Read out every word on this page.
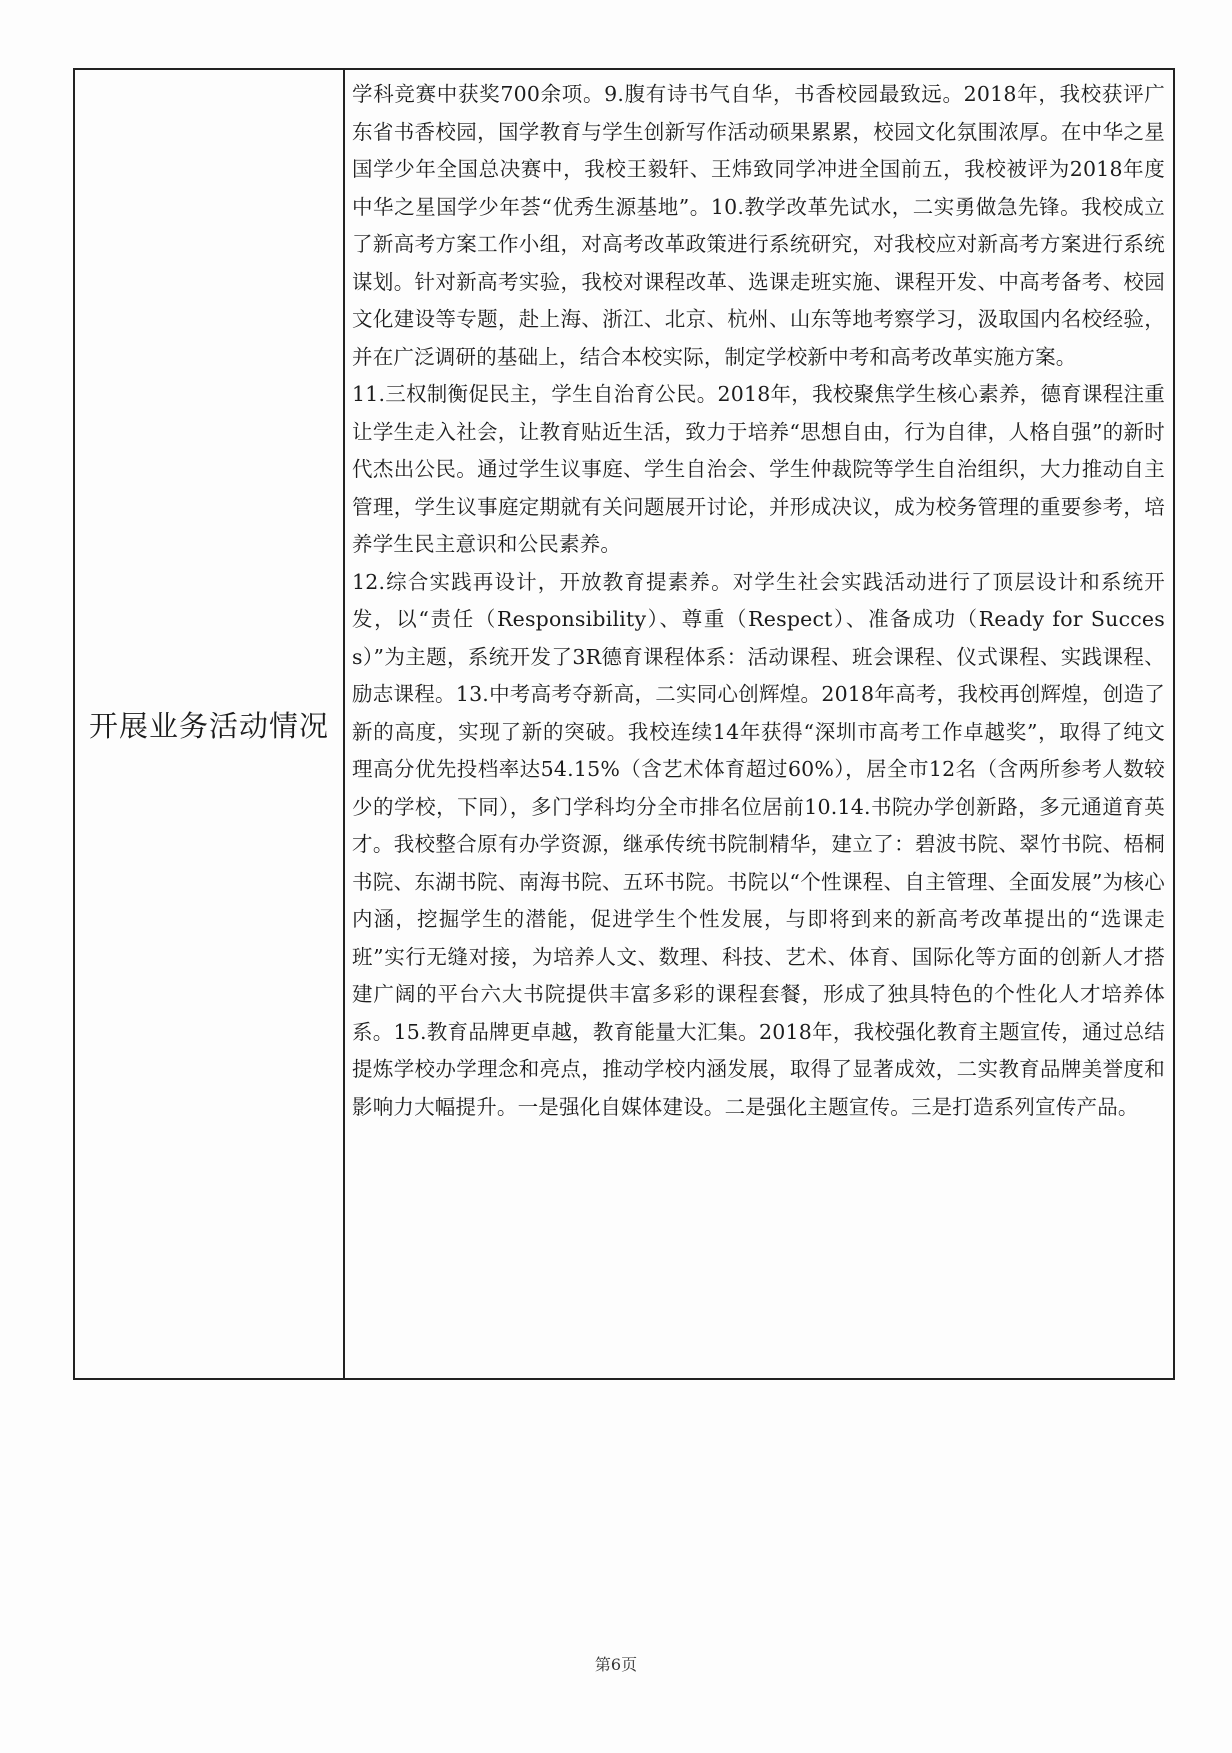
开展业务活动情况

学科竞赛中获奖700余项。9.腹有诗书气自华，书香校园最致远。2018年，我校获评广东省书香校园，国学教育与学生创新写作活动硕果累累，校园文化氛围浓厚。在中华之星国学少年全国总决赛中，我校王毅轩、王炜致同学冲进全国前五，我校被评为2018年度中华之星国学少年荟“优秀生源基地”。10.教学改革先试水，二实勇做急先锋。我校成立了新高考方案工作小组，对高考改革政策进行系统研究，对我校应对新高考方案进行系统谋划。针对新高考实验，我校对课程改革、选课走班实施、课程开发、中高考备考、校园文化建设等专题，赴上海、浙江、北京、杭州、山东等地考察学习，汲取国内名校经验，并在广泛调研的基础上，结合本校实际，制定学校新中考和高考改革实施方案。

11.三权制衡促民主，学生自治育公民。2018年，我校聚焦学生核心素养，德育课程注重让学生走入社会，让教育贴近生活，致力于培养“思想自由，行为自律，人格自强”的新时代杰出公民。通过学生议事庭、学生自治会、学生仲裁院等学生自治组织，大力推动自主管理，学生议事庭定期就有关问题展开讨论，并形成决议，成为校务管理的重要参考，培养学生民主意识和公民素养。

12.综合实践再设计，开放教育提素养。对学生社会实践活动进行了顶层设计和系统开发，以“责任（Responsibility）、尊重（Respect）、准备成功（Ready for Success）”为主题，系统开发了3R德育课程体系：活动课程、班会课程、仪式课程、实践课程、励志课程。13.中考高考夺新高，二实同心创辉煌。2018年高考，我校再创辉煌，创造了新的高度，实现了新的突破。我校连续14年获得“深圳市高考工作卓越奖”，取得了纯文理高分优先投档率达54.15%（含艺术体育超过60%），居全市12名（含两所参考人数较少的学校，下同），多门学科均分全市排名位居前10.14.书院办学创新路，多元通道育英才。我校整合原有办学资源，继承传统书院制精华，建立了：碧波书院、翠竹书院、梧桐书院、东湖书院、南海书院、五环书院。书院以“个性课程、自主管理、全面发展”为核心内涵，挖掘学生的潜能，促进学生个性发展，与即将到来的新高考改革提出的“选课走班”实行无缝对接，为培养人文、数理、科技、艺术、体育、国际化等方面的创新人才搭建广阔的平台六大书院提供丰富多彩的课程套餐，形成了独具特色的个性化人才培养体系。15.教育品牌更卓越，教育能量大汇集。2018年，我校强化教育主题宣传，通过总结提炼学校办学理念和亮点，推动学校内涵发展，取得了显著成效，二实教育品牌美誉度和影响力大幅提升。一是强化自媒体建设。二是强化主题宣传。三是打造系列宣传产品。

第6页
